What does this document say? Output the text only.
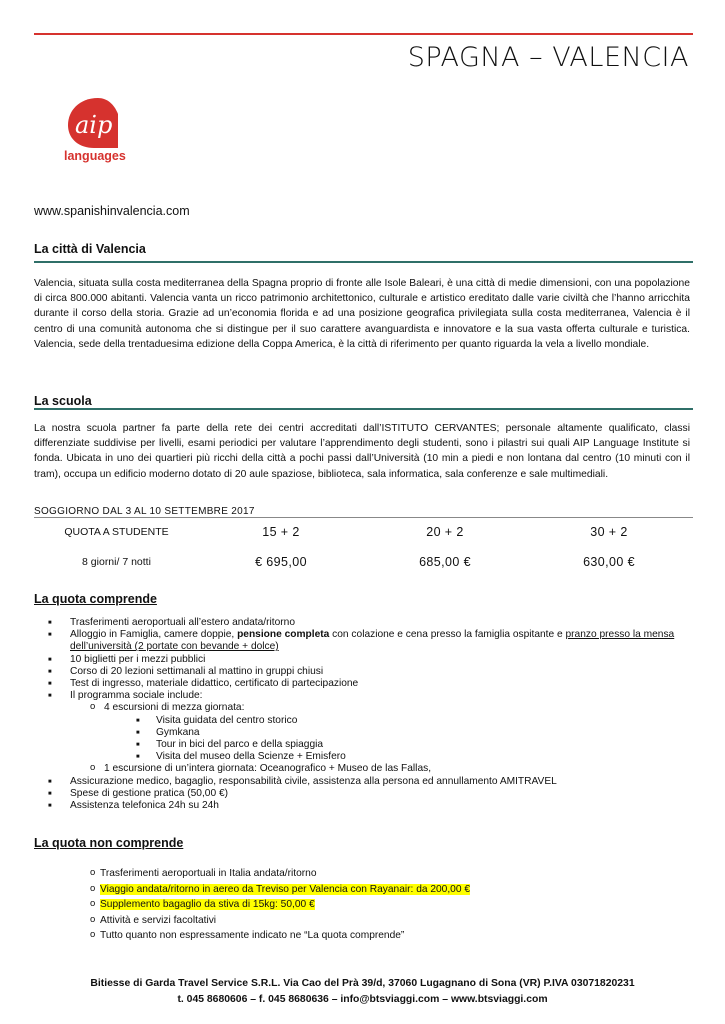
SPAGNA – VALENCIA
aip
languages
www.spanishinvalencia.com
La città di Valencia
Valencia, situata sulla costa mediterranea della Spagna proprio di fronte alle Isole Baleari, è una città di medie dimensioni, con una popolazione di circa 800.000 abitanti. Valencia vanta un ricco patrimonio architettonico, culturale e artistico ereditato dalle varie civiltà che l’hanno arricchita durante il corso della storia. Grazie ad un’economia florida e ad una posizione geografica privilegiata sulla costa mediterranea, Valencia è il centro di una comunità autonoma che si distingue per il suo carattere avanguardista e innovatore e la sua vasta offerta culturale e turistica. Valencia, sede della trentaduesima edizione della Coppa America, è la città di riferimento per quanto riguarda la vela a livello mondiale.
La scuola
La nostra scuola partner fa parte della rete dei centri accreditati dall’ISTITUTO CERVANTES; personale altamente qualificato, classi differenziate suddivise per livelli, esami periodici per valutare l’apprendimento degli studenti, sono i pilastri sui quali AIP Language Institute si fonda. Ubicata in uno dei quartieri più ricchi della città a pochi passi dall’Università (10 min a piedi e non lontana dal centro (10 minuti con il tram), occupa un edificio moderno dotato di 20 aule spaziose, biblioteca, sala informatica, sala conferenze e sale multimediali.
SOGGIORNO DAL 3 AL 10 SETTEMBRE 2017
QUOTA A STUDENTE	15 + 2	20 + 2	30 + 2
8 giorni/ 7 notti	€ 695,00	685,00 €	630,00 €
La quota comprende
■ Trasferimenti aeroportuali all’estero andata/ritorno
■ Alloggio in Famiglia, camere doppie, pensione completa con colazione e cena presso la famiglia ospitante e pranzo presso la mensa dell’università (2 portate con bevande + dolce)
■ 10 biglietti per i mezzi pubblici
■ Corso di 20 lezioni settimanali al mattino in gruppi chiusi
■ Test di ingresso, materiale didattico, certificato di partecipazione
■ Il programma sociale include:
o 4 escursioni di mezza giornata:
■ Visita guidata del centro storico
■ Gymkana
■ Tour in bici del parco e della spiaggia
■ Visita del museo della Scienze + Emisfero
o 1 escursione di un’intera giornata: Oceanografico + Museo de las Fallas,
■ Assicurazione medico, bagaglio, responsabilità civile, assistenza alla persona ed annullamento AMITRAVEL
■ Spese di gestione pratica (50,00 €)
■ Assistenza telefonica 24h su 24h
La quota non comprende
o Trasferimenti aeroportuali in Italia andata/ritorno
o Viaggio andata/ritorno in aereo da Treviso per Valencia con Rayanair: da 200,00 €
o Supplemento bagaglio da stiva di 15kg: 50,00 €
o Attività e servizi facoltativi
o Tutto quanto non espressamente indicato ne “La quota comprende”
Bitiesse di Garda Travel Service S.R.L. Via Cao del Prà 39/d, 37060 Lugagnano di Sona (VR) P.IVA 03071820231
t. 045 8680606 – f. 045 8680636 – info@btsviaggi.com – www.btsviaggi.com
